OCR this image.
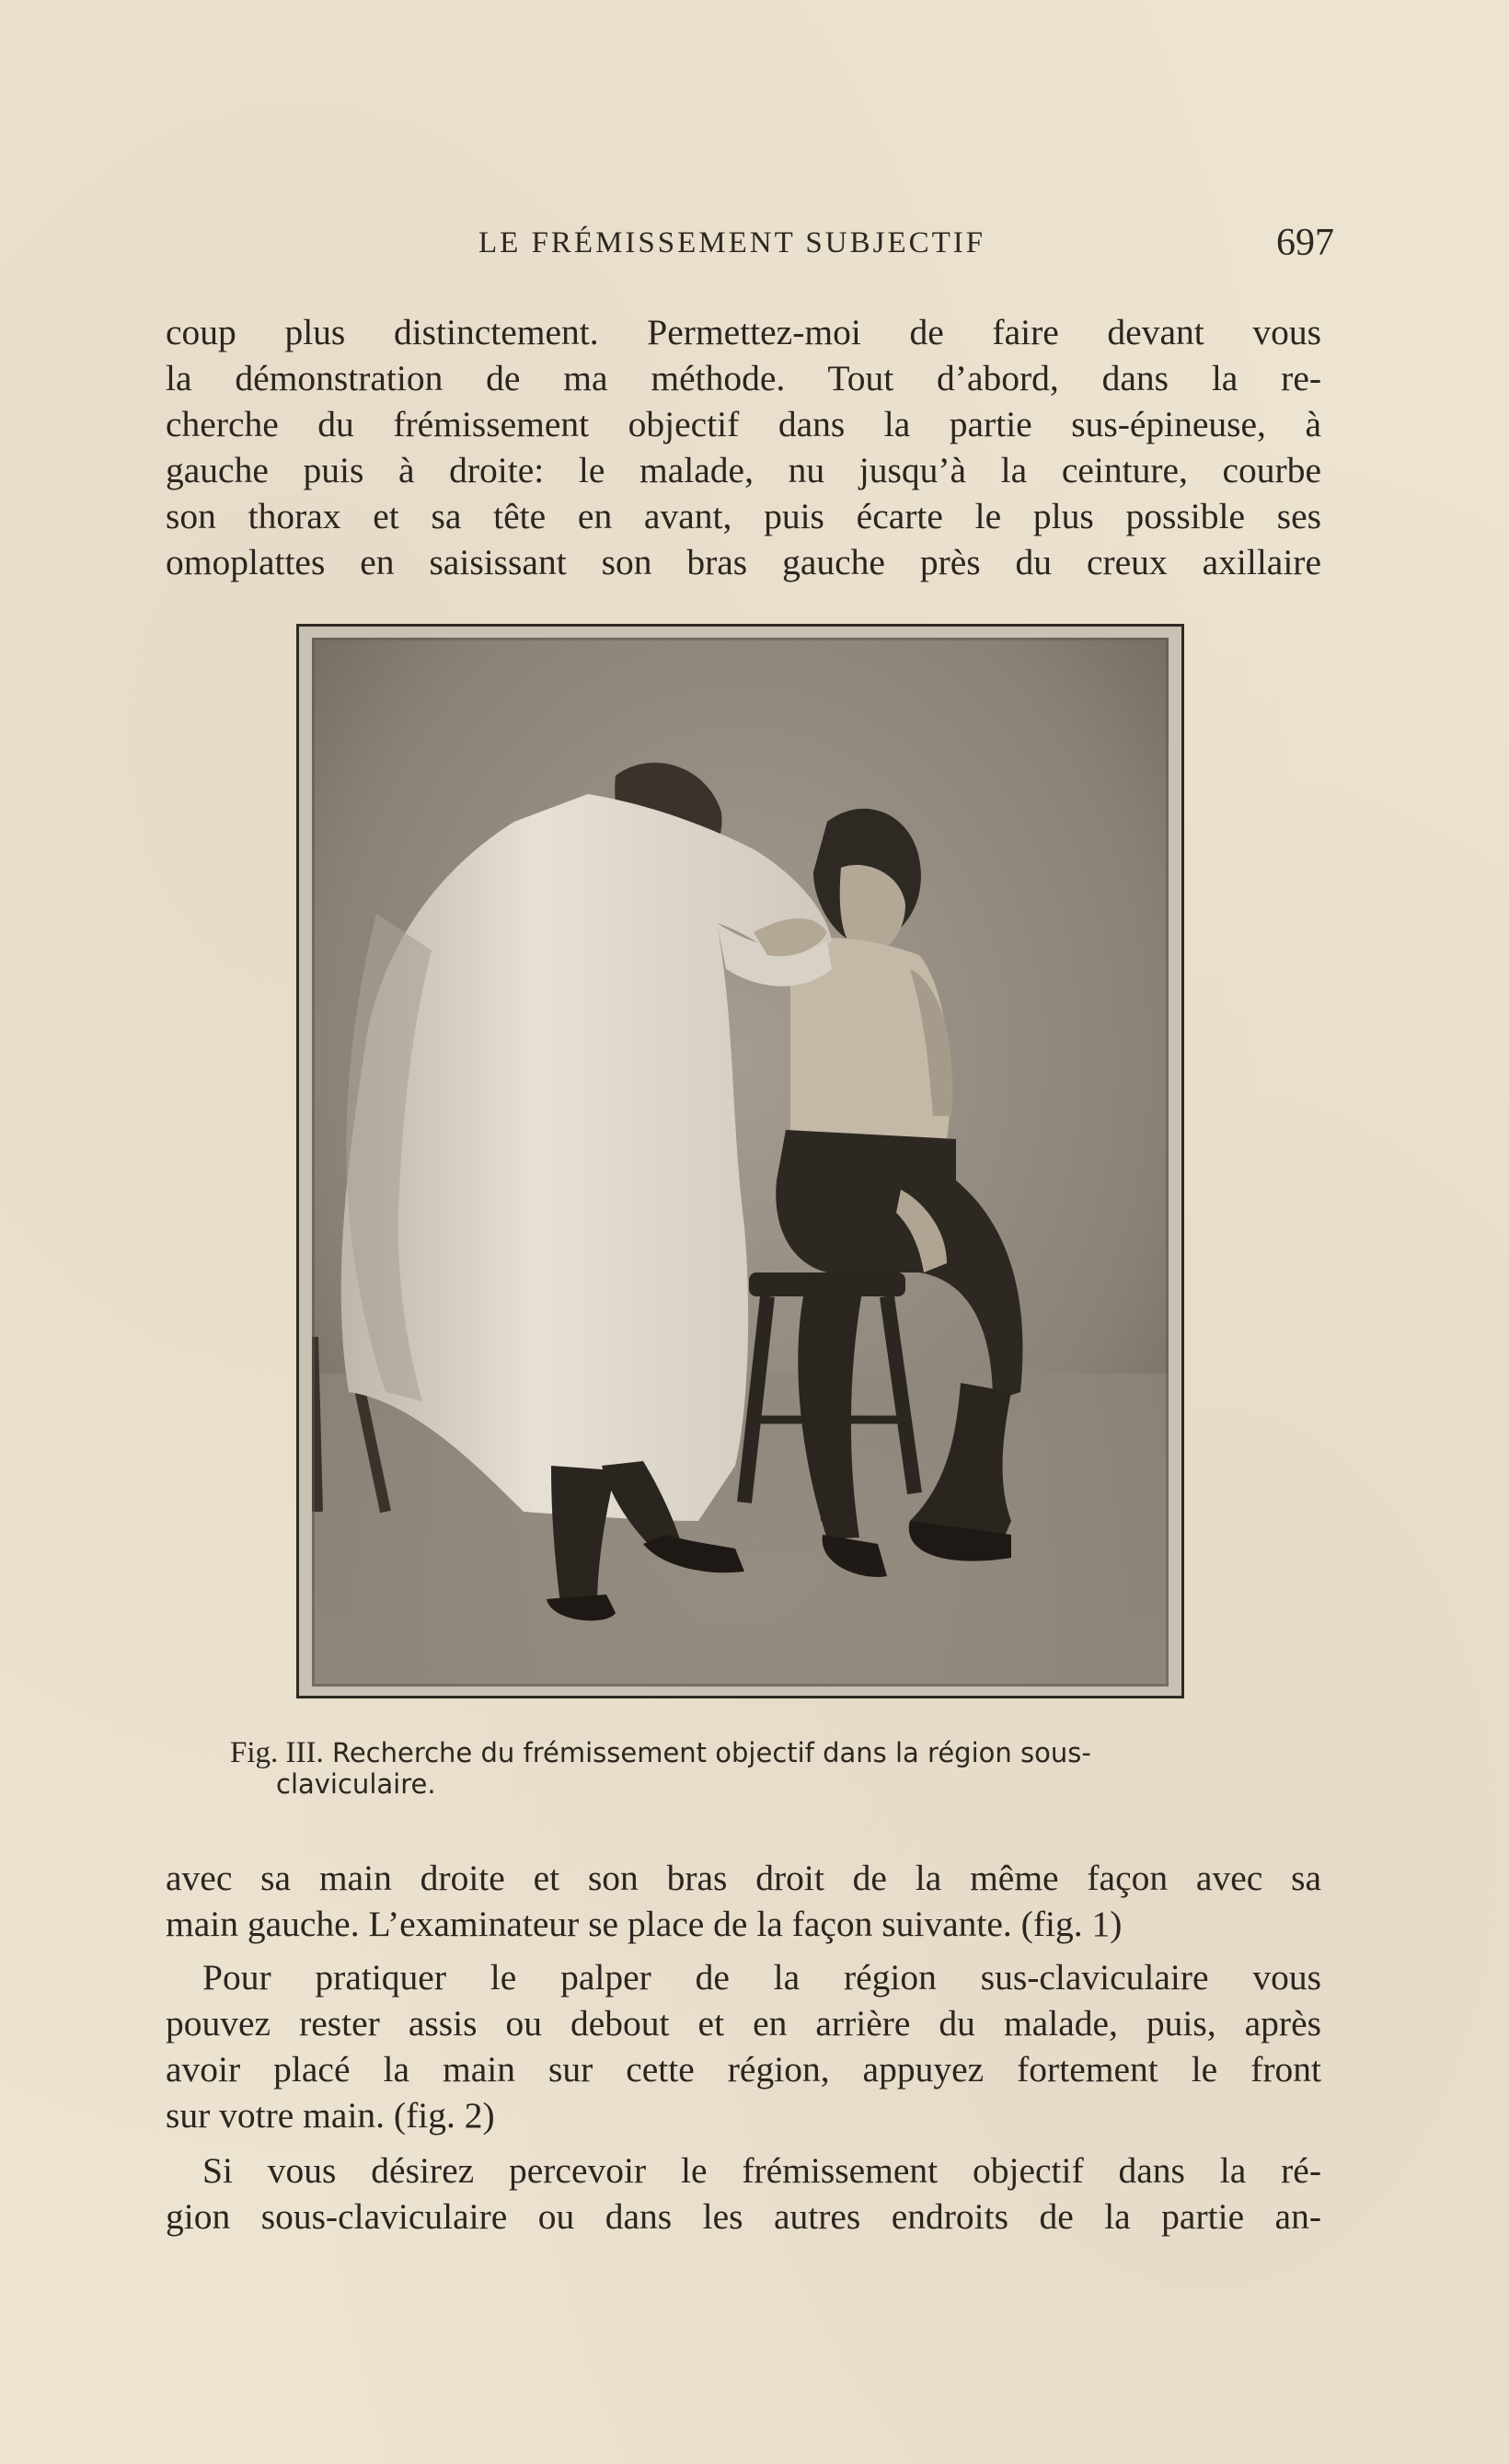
LE FRÉMISSEMENT SUBJECTIF	697
coup plus distinctement. Permettez-moi de faire devant vous
la démonstration de ma méthode. Tout d’abord, dans la re-
cherche du frémissement objectif dans la partie sus-épineuse, à
gauche puis à droite: le malade, nu jusqu’à la ceinture, courbe
son thorax et sa tête en avant, puis écarte le plus possible ses
omoplattes en saisissant son bras gauche près du creux axillaire
Fig. III. Recherche du frémissement objectif dans la région sous-
claviculaire.
avec sa main droite et son bras droit de la même façon avec sa
main gauche. L’examinateur se place de la façon suivante. (fig. 1)
Pour pratiquer le palper de la région sus-claviculaire vous
pouvez rester assis ou debout et en arrière du malade, puis, après
avoir placé la main sur cette région, appuyez fortement le front
sur votre main. (fig. 2)
Si vous désirez percevoir le frémissement objectif dans la ré-
gion sous-claviculaire ou dans les autres endroits de la partie an-
